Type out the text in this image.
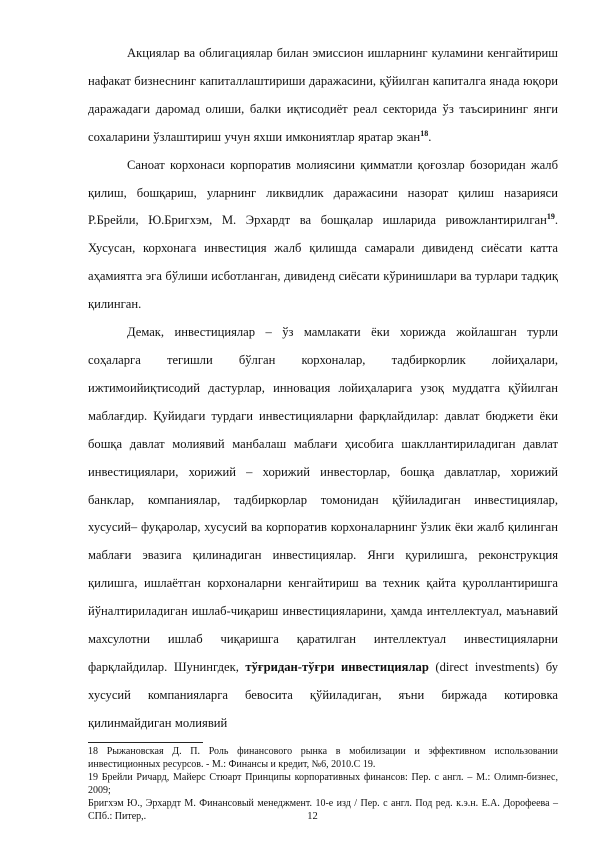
Акциялар ва облигациялар билан эмиссион ишларнинг куламини кенгайтириш нафакат бизнеснинг капиталлаштириши даражасини, қўйилган капиталга янада юқори даражадаги даромад олиши, балки иқтисодиёт реал секторида ўз таъсирининг янги сохаларини ўзлаштириш учун яхши имкониятлар яратар экан$^{18}$.

Саноат корхонаси корпоратив молиясини қимматли қоғозлар бозоридан жалб қилиш, бошқариш, уларнинг ликвидлик даражасини назорат қилиш назарияси Р.Брейли, Ю.Бригхэм, М. Эрхардт ва бошқалар ишларида ривожлантирилган$^{19}$. Хусусан, корхонага инвестиция жалб қилишда самарали дивиденд сиёсати катта аҳамиятга эга бўлиши исботланган, дивиденд сиёсати кўринишлари ва турлари тадқиқ қилинган.

Демак, инвестициялар – ўз мамлакати ёки хорижда жойлашган турли соҳаларга тегишли бўлган корхоналар, тадбиркорлик лойиҳалари, ижтимоийиқтисодий дастурлар, инновация лойиҳаларига узоқ муддатга қўйилган маблағдир. Қуйидаги турдаги инвестицияларни фарқлайдилар: давлат бюджети ёки бошқа давлат молиявий манбалаш маблағи ҳисобига шакллантириладиган давлат инвестициялари, хорижий – хорижий инвесторлар, бошқа давлатлар, хорижий банклар, компаниялар, тадбиркорлар томонидан қўйиладиган инвестициялар, хусусий– фуқаролар, хусусий ва корпоратив корхоналарнинг ўзлик ёки жалб қилинган маблағи эвазига қилинадиган инвестициялар. Янги қурилишга, реконструкция қилишга, ишлаётган корхоналарни кенгайтириш ва техник қайта қуроллантиришга йўналтириладиган ишлаб-чиқариш инвестицияларини, ҳамда интеллектуал, маънавий махсулотни ишлаб чиқаришга қаратилган интеллектуал инвестицияларни фарқлайдилар. Шунингдек, тўғридан-тўғри инвестициялар (direct investments) бу хусусий компанияларга бевосита қўйиладиган, яъни биржада котировка қилинмайдиган молиявий

18 Рыжановская Д. П. Роль финансового рынка в мобилизации и эффективном использовании инвестиционных ресурсов. - М.: Финансы и кредит, №6, 2010.С 19.

19 Брейли Ричард, Майерс Стюарт Принципы корпоративных финансов: Пер. с англ. – М.: Олимп-бизнес, 2009;

Бригхэм Ю., Эрхардт М. Финансовый менеджмент. 10-е изд / Пер. с англ. Под ред. к.э.н. Е.А. Дорофеева – СПб.: Питер,.	12
